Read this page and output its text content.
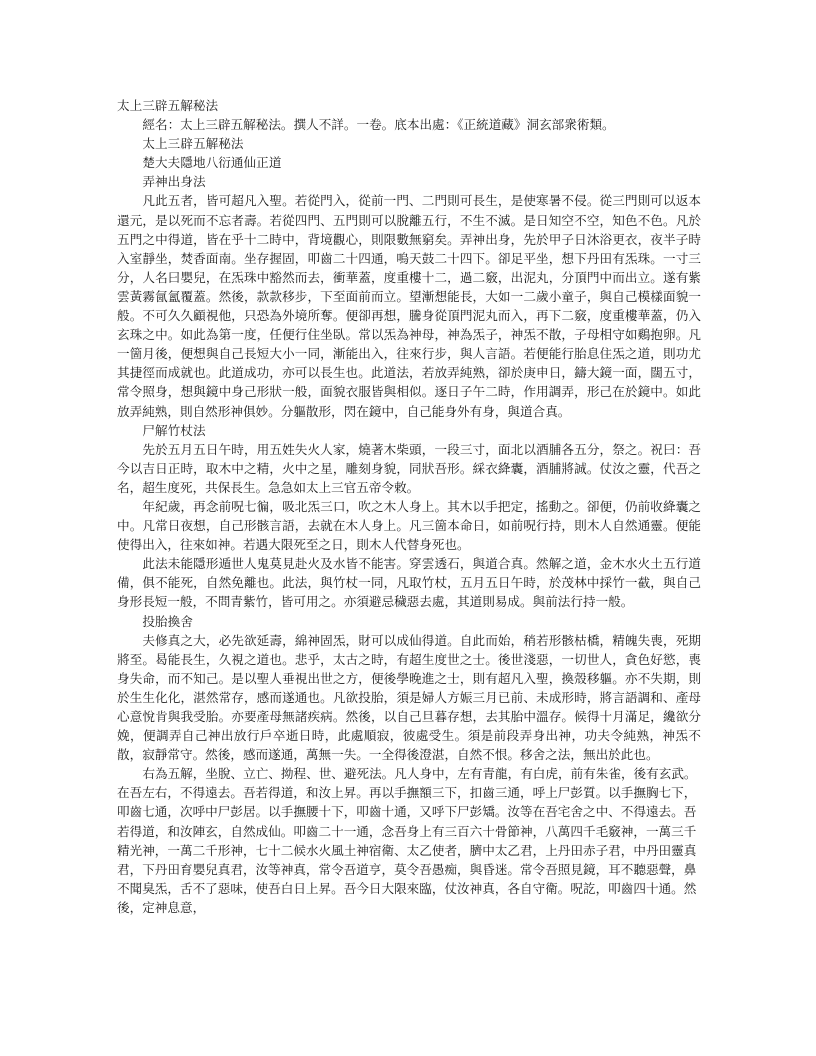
太上三辟五解秘法

經名：太上三辟五解秘法。撰人不詳。一卷。底本出處：《正統道藏》洞玄部衆術類。

太上三辟五解秘法
楚大夫隱地八衍通仙正道
弄神出身法

凡此五者，皆可超凡入聖。若從門入，從前一門、二門則可長生，是使寒暑不侵。從三門則可以返本還元，是以死而不忘者壽。若從四門、五門則可以脫離五行，不生不滅。是日知空不空，知色不色。凡於五門之中得道，皆在乎十二時中，背境觀心，則限數無窮矣。弄神出身，先於甲子日沐浴更衣，夜半子時入室靜坐，焚香面南。坐存握固，叩齒二十四通，嗚天鼓二十四下。卻足平坐，想下丹田有炁珠。一寸三分，人名曰嬰兒，在炁珠中豁然而去，衝華蓋，度重樓十二，過二竅，出泥丸，分頂門中而出立。遂有紫雲黃霧氤氳覆蓋。然後，款款移步，下至面前而立。望漸想能長，大如一二歲小童子，與自己模樣面貌一般。不可久久顧視他，只恐為外境所奪。便卻再想，騰身從頂門泥丸而入，再下二竅，度重樓華蓋，仍入玄珠之中。如此為第一度，任便行住坐臥。常以炁為神母，神為炁子，神炁不散，子母相守如鷄抱卵。凡一箇月後，便想與自己長短大小一同，漸能出入，往來行步，與人言語。若便能行胎息住炁之道，則功尤其捷徑而成就也。此道成功，亦可以長生也。此道法，若放弄純熟，卻於庚申日，鑄大鏡一面，闊五寸，常令照身，想與鏡中身己形狀一般，面貌衣服皆與相似。逐日子午二時，作用調弄，形己在於鏡中。如此放弄純熟，則自然形神俱妙。分軀散形，閃在鏡中，自己能身外有身，與道合真。

尸解竹杖法

先於五月五日午時，用五姓失火人家，燒著木柴頭，一段三寸，面北以酒脯各五分，祭之。祝曰：吾今以吉日正時，取木中之精，火中之星，雕刻身貌，同狀吾形。綵衣絳囊，酒脯將誠。仗汝之靈，代吾之名，超生度死，共保長生。急急如太上三官五帝令敕。

年紀歲，再念前呪七徧，吸北炁三口，吹之木人身上。其木以手把定，搖動之。卻便，仍前收絳囊之中。凡常日夜想，自己形骸言語，去就在木人身上。凡三箇本命日，如前呪行持，則木人自然通靈。便能使得出入，往來如神。若遇大限死至之日，則木人代替身死也。

此法未能隱形遁世人鬼莫見赴火及水皆不能害。穿雲透石，與道合真。然解之道，金木水火土五行道備，俱不能死，自然免離也。此法，與竹杖一同，凡取竹杖，五月五日午時，於茂林中採竹一截，與自己身形長短一般，不問青紫竹，皆可用之。亦須避忌穢惡去處，其道則易成。與前法行持一般。

投胎換舍

夫修真之大，必先欲延壽，綿神固炁，財可以成仙得道。自此而始，稍若形骸枯橋，精魄失喪，死期將至。曷能長生，久視之道也。悲乎，太古之時，有超生度世之士。後世淺惡，一切世人，貪色好慾，喪身失命，而不知己。是以聖人垂視出世之方，便後學晚進之士，則有超凡入聖，換殼移軀。亦不失期，則於生生化化，湛然常存，感而遂通也。凡欲投胎，須是婦人方娠三月已前、未成形時，將言語調和、產母心意悅肯與我受胎。亦要產母無諸疾病。然後，以自己旦暮存想，去其胎中溫存。候得十月滿足，纔欲分娩，便調弄自己神出放行戶卒逝日時，此處順寂，彼處受生。須是前段弄身出神，功夫令純熟，神炁不散，寂靜常守。然後，感而遂通，萬無一失。一全得後澄湛，自然不恨。移舍之法，無出於此也。

右為五解，坐脫、立亡、拗程、世、避死法。凡人身中，左有青龍，有白虎，前有朱雀，後有玄武。在吾左右，不得遠去。吾若得道，和汝上昇。再以手撫額三下，扣齒三通，呼上尸彭質。以手撫胸七下，叩齒七通，次呼中尸彭居。以手撫腰十下，叩齒十通，又呼下尸彭矯。汝等在吾宅舍之中、不得遠去。吾若得道，和汝陣玄，自然成仙。叩齒二十一通，念吾身上有三百六十骨節神，八萬四千毛竅神，一萬三千精光神，一萬二千形神，七十二候水火風土神宿衛、太乙使者，臍中太乙君，上丹田赤子君，中丹田靈真君，下丹田育嬰兒真君，汝等神真，常令吾道亨，莫令吾愚痴，與昏迷。常令吾照見鏡，耳不聽惡聲，鼻不聞臭炁，舌不了惡味，使吾白日上昇。吾今日大限來臨，仗汝神真，各自守衛。呪訖，叩齒四十通。然後，定神息意，
